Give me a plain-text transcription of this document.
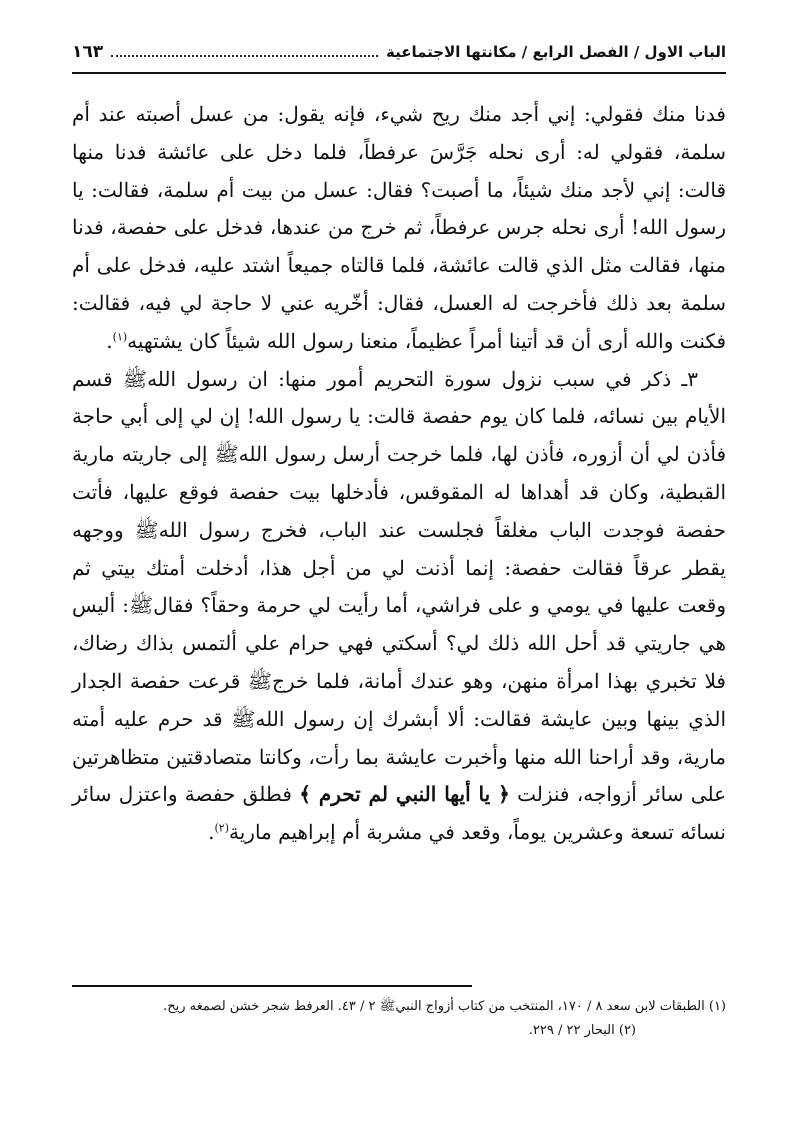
الباب الاول / الفصل الرابع / مكانتها الاجتماعية
١٦٣

فدنا منك فقولي: إني أجد منك ريح شيء، فإنه يقول: من عسل أصبته عند أم سلمة، فقولي له: أرى نحله جَرَّسَ عرفطاً، فلما دخل على عائشة فدنا منها قالت: إني لأجد منك شيئاً، ما أصبت؟ فقال: عسل من بيت أم سلمة، فقالت: يا رسول الله! أرى نحله جرس عرفطاً، ثم خرج من عندها، فدخل على حفصة، فدنا منها، فقالت مثل الذي قالت عائشة، فلما قالتاه جميعاً اشتد عليه، فدخل على أم سلمة بعد ذلك فأخرجت له العسل، فقال: أخّريه عني لا حاجة لي فيه، فقالت: فكنت والله أرى أن قد أتينا أمراً عظيماً، منعنا رسول الله شيئاً كان يشتهيه$^{(١)}$.

٣ـ ذكر في سبب نزول سورة التحريم أمور منها: ان رسول اللهﷺ قسم الأيام بين نسائه، فلما كان يوم حفصة قالت: يا رسول الله! إن لي إلى أبي حاجة فأذن لي أن أزوره، فأذن لها، فلما خرجت أرسل رسول اللهﷺ إلى جاريته مارية القبطية، وكان قد أهداها له المقوقس، فأدخلها بيت حفصة فوقع عليها، فأتت حفصة فوجدت الباب مغلقاً فجلست عند الباب، فخرج رسول اللهﷺ ووجهه يقطر عرقاً فقالت حفصة: إنما أذنت لي من أجل هذا، أدخلت أمتك بيتي ثم وقعت عليها في يومي و على فراشي، أما رأيت لي حرمة وحقاً؟ فقالﷺ: أليس هي جاريتي قد أحل الله ذلك لي؟ أسكتي فهي حرام علي ألتمس بذاك رضاك، فلا تخبري بهذا امرأة منهن، وهو عندك أمانة، فلما خرجﷺ قرعت حفصة الجدار الذي بينها وبين عايشة فقالت: ألا أبشرك إن رسول اللهﷺ قد حرم عليه أمته مارية، وقد أراحنا الله منها وأخبرت عايشة بما رأت، وكانتا متصادقتين متظاهرتين على سائر أزواجه، فنزلت ﴿ يا أيها النبي لم تحرم ﴾ فطلق حفصة واعتزل سائر نسائه تسعة وعشرين يوماً، وقعد في مشربة أم إبراهيم مارية$^{(٢)}$.

(١) الطبقات لابن سعد ٨ / ١٧٠، المنتخب من كتاب أزواج النبيﷺ ٢ / ٤٣. العرفط شجر خشن لصمغه ريح.

(٢) البحار ٢٢ / ٢٢٩.
